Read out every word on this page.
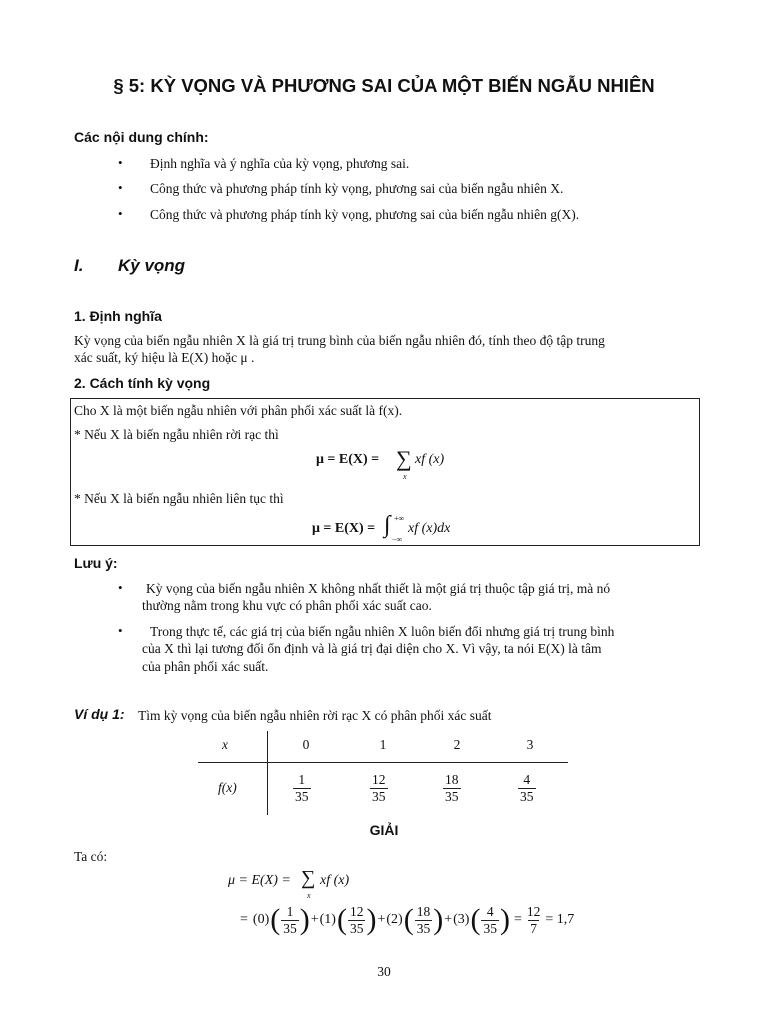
§ 5: KỲ VỌNG VÀ PHƯƠNG SAI CỦA MỘT BIẾN NGẪU NHIÊN
Các nội dung chính:
• Định nghĩa và ý nghĩa của kỳ vọng, phương sai.
• Công thức và phương pháp tính kỳ vọng, phương sai của biến ngẫu nhiên X.
• Công thức và phương pháp tính kỳ vọng, phương sai của biến ngẫu nhiên g(X).
I. Kỳ vọng
1. Định nghĩa
Kỳ vọng của biến ngẫu nhiên X là giá trị trung bình của biến ngẫu nhiên đó, tính theo độ tập trung
xác suất, ký hiệu là E(X) hoặc μ .
2. Cách tính kỳ vọng
Cho X là một biến ngẫu nhiên với phân phối xác suất là f(x).
* Nếu X là biến ngẫu nhiên rời rạc thì
μ = E(X) = ∑
x
xf (x)
* Nếu X là biến ngẫu nhiên liên tục thì
μ = E(X) = ∫ +∞
−∞
xf (x)dx
Lưu ý:
• Kỳ vọng của biến ngẫu nhiên X không nhất thiết là một giá trị thuộc tập giá trị, mà nó
thường nằm trong khu vực có phân phối xác suất cao.
• Trong thực tế, các giá trị của biến ngẫu nhiên X luôn biến đổi nhưng giá trị trung bình
của X thì lại tương đối ổn định và là giá trị đại diện cho X. Vì vậy, ta nói E(X) là tâm
của phân phối xác suất.
Ví dụ 1: Tìm kỳ vọng của biến ngẫu nhiên rời rạc X có phân phối xác suất
x	0	1	2	3
f(x)	$\frac{1}{35}$	$\frac{12}{35}$	$\frac{18}{35}$	$\frac{4}{35}$
GIẢI
Ta có:
μ = E(X) = ∑
x
xf (x)
= (0) ( $\frac{1}{35}$ ) + (1) ( $\frac{12}{35}$ ) + (2) ( $\frac{18}{35}$ ) + (3) ( $\frac{4}{35}$ ) = $\frac{12}{7} = 1,7$
30
